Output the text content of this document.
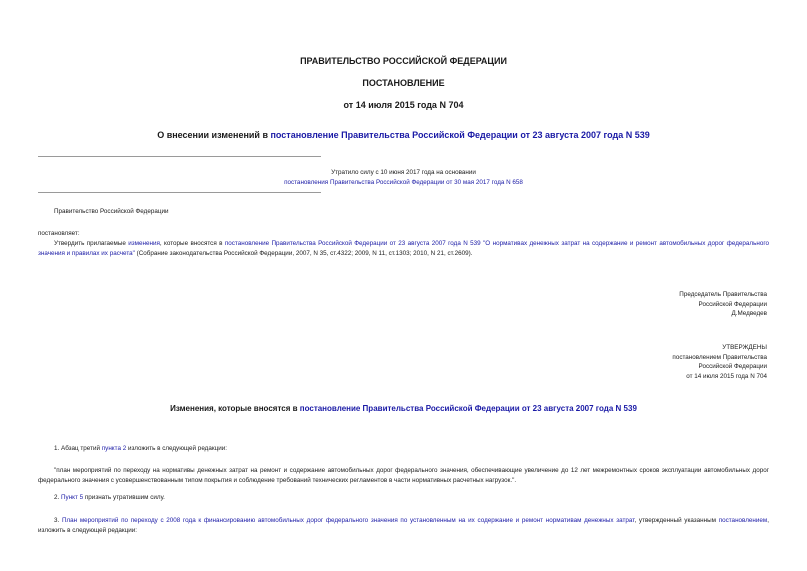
ПРАВИТЕЛЬСТВО РОССИЙСКОЙ ФЕДЕРАЦИИ
ПОСТАНОВЛЕНИЕ
от 14 июля 2015 года N 704
О внесении изменений в постановление Правительства Российской Федерации от 23 августа 2007 года N 539
Утратило силу с 10 июня 2017 года на основании
постановления Правительства Российской Федерации от 30 мая 2017 года N 658
Правительство Российской Федерации
постановляет:
Утвердить прилагаемые изменения, которые вносятся в постановление Правительства Российской Федерации от 23 августа 2007 года N 539 "О нормативах денежных затрат на содержание и ремонт автомобильных дорог федерального значения и правилах их расчета" (Собрание законодательства Российской Федерации, 2007, N 35, ст.4322; 2009, N 11, ст.1303; 2010, N 21, ст.2609).
Председатель Правительства
Российской Федерации
Д.Медведев
УТВЕРЖДЕНЫ
постановлением Правительства
Российской Федерации
от 14 июля 2015 года N 704
Изменения, которые вносятся в постановление Правительства Российской Федерации от 23 августа 2007 года N 539
1. Абзац третий пункта 2 изложить в следующей редакции:
"план мероприятий по переходу на нормативы денежных затрат на ремонт и содержание автомобильных дорог федерального значения, обеспечивающие увеличение до 12 лет межремонтных сроков эксплуатации автомобильных дорог федерального значения с усовершенствованным типом покрытия и соблюдение требований технических регламентов в части нормативных расчетных нагрузок.".
2. Пункт 5 признать утратившим силу.
3. План мероприятий по переходу с 2008 года к финансированию автомобильных дорог федерального значения по установленным на их содержание и ремонт нормативам денежных затрат, утвержденный указанным постановлением, изложить в следующей редакции:
